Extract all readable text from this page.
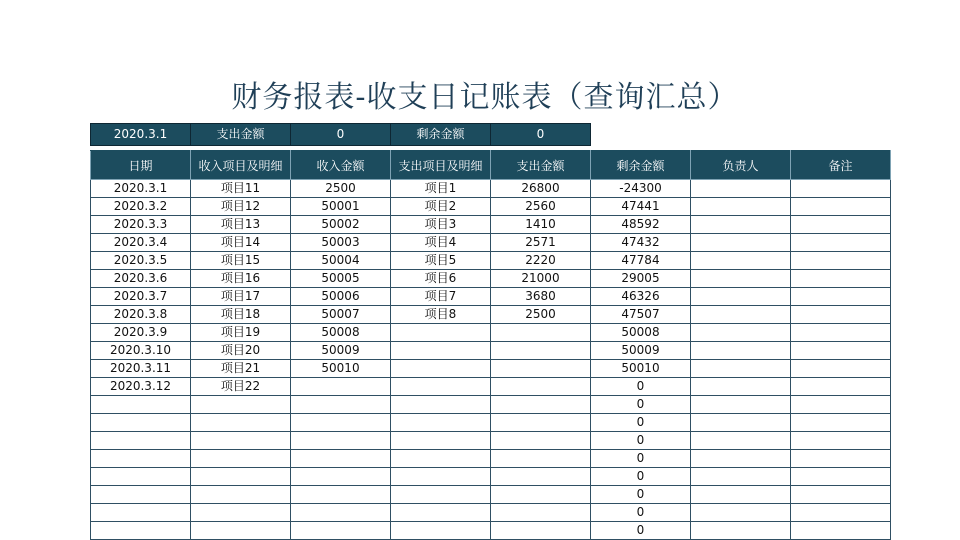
财务报表-收支日记账表（查询汇总）
2020.3.1	支出金额	0	剩余金额	0
日期	收入项目及明细	收入金额	支出项目及明细	支出金额	剩余金额	负责人	备注
2020.3.1	项目11	2500	项目1	26800	-24300		
2020.3.2	项目12	50001	项目2	2560	47441		
2020.3.3	项目13	50002	项目3	1410	48592		
2020.3.4	项目14	50003	项目4	2571	47432		
2020.3.5	项目15	50004	项目5	2220	47784		
2020.3.6	项目16	50005	项目6	21000	29005		
2020.3.7	项目17	50006	项目7	3680	46326		
2020.3.8	项目18	50007	项目8	2500	47507		
2020.3.9	项目19	50008			50008		
2020.3.10	项目20	50009			50009		
2020.3.11	项目21	50010			50010		
2020.3.12	项目22				0		
					0		
					0		
					0		
					0		
					0		
					0		
					0		
					0		
